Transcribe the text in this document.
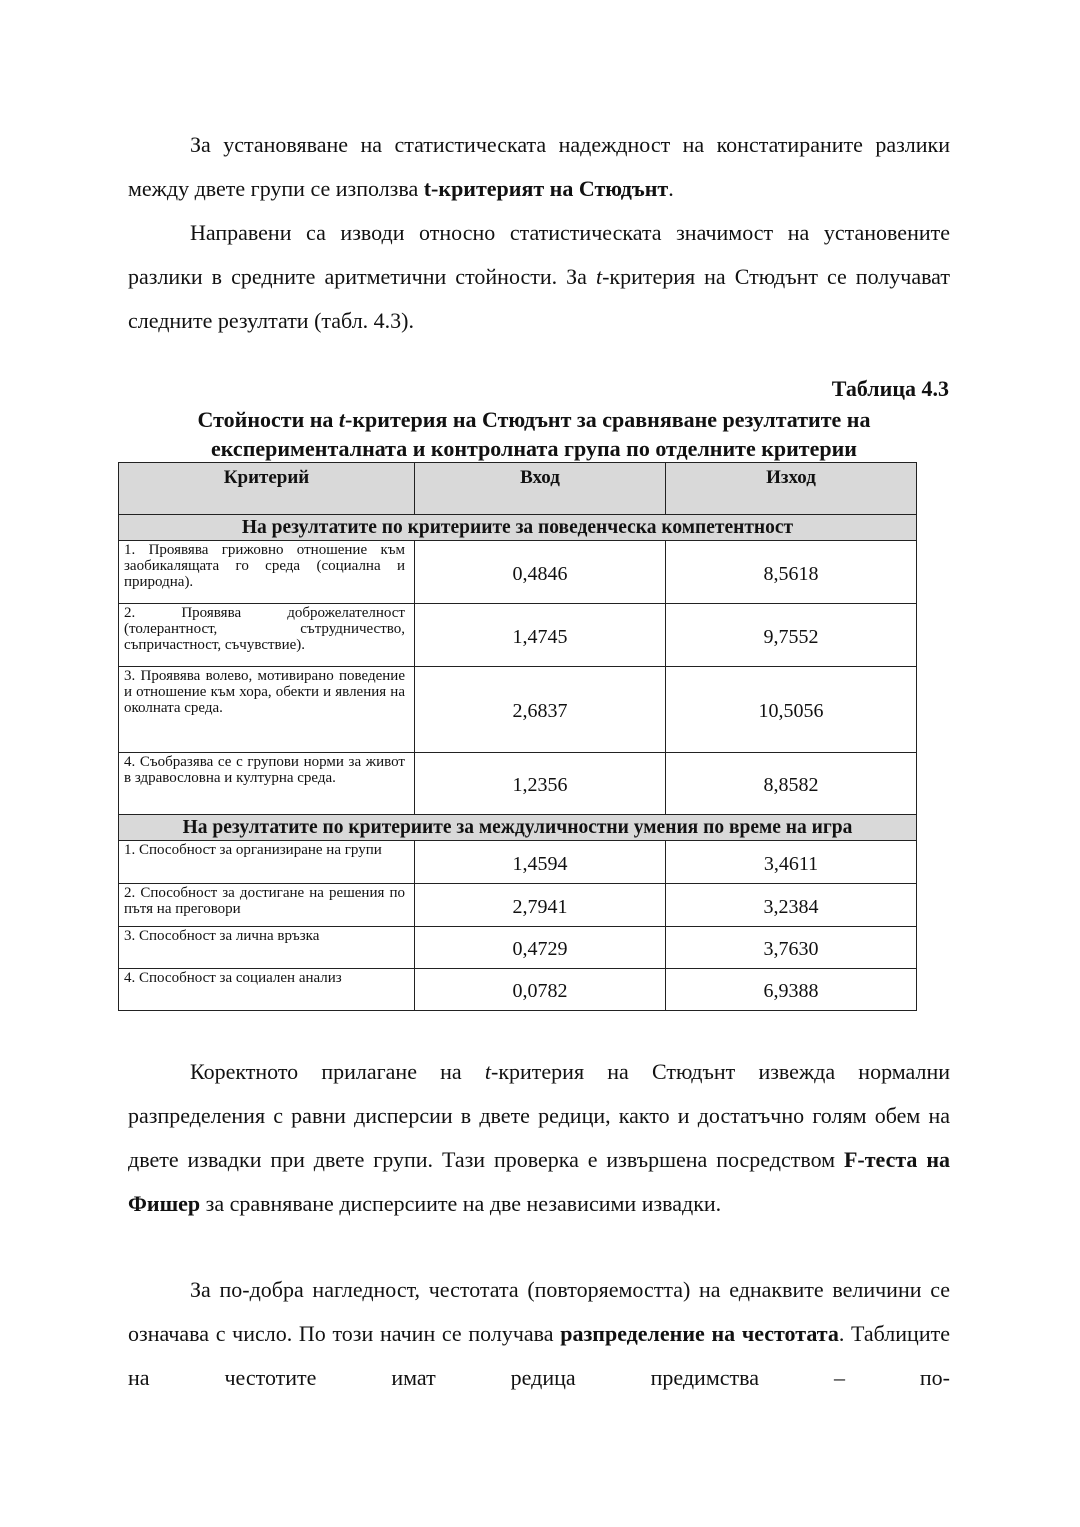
За установяване на статистическата надеждност на констатираните разлики между двете групи се използва t-критерият на Стюдънт.

Направени са изводи относно статистическата значимост на установените разлики в средните аритметични стойности. За t-критерия на Стюдънт се получават следните резултати (табл. 4.3).

Таблица 4.3
Стойности на t-критерия на Стюдънт за сравняване резултатите на експерименталната и контролната група по отделните критерии
Критерий	Вход	Изход
На резултатите по критериите за поведенческа компетентност		
1. Проявява грижовно отношение към заобикалящата го среда (социална и природна).	0,4846	8,5618
2. Проявява доброжелателност (толерантност, сътрудничество, съпричастност, съчувствие).	1,4745	9,7552
3. Проявява волево, мотивирано поведение и отношение към хора, обекти и явления на околната среда.	2,6837	10,5056
4. Съобразява се с групови норми за живот в здравословна и културна среда.	1,2356	8,8582
На резултатите по критериите за междуличностни умения по време на игра		
1. Способност за организиране на групи	1,4594	3,4611
2. Способност за достигане на решения по пътя на преговори	2,7941	3,2384
3. Способност за лична връзка	0,4729	3,7630
4. Способност за социален анализ	0,0782	6,9388

Коректното прилагане на t-критерия на Стюдънт извежда нормални разпределения с равни дисперсии в двете редици, както и достатъчно голям обем на двете извадки при двете групи. Тази проверка е извършена посредством F-теста на Фишер за сравняване дисперсиите на две независими извадки.

За по-добра нагледност, честотата (повторяемостта) на еднаквите величини се означава с число. По този начин се получава разпределение на честотата. Таблиците на честотите имат редица предимства – по-
